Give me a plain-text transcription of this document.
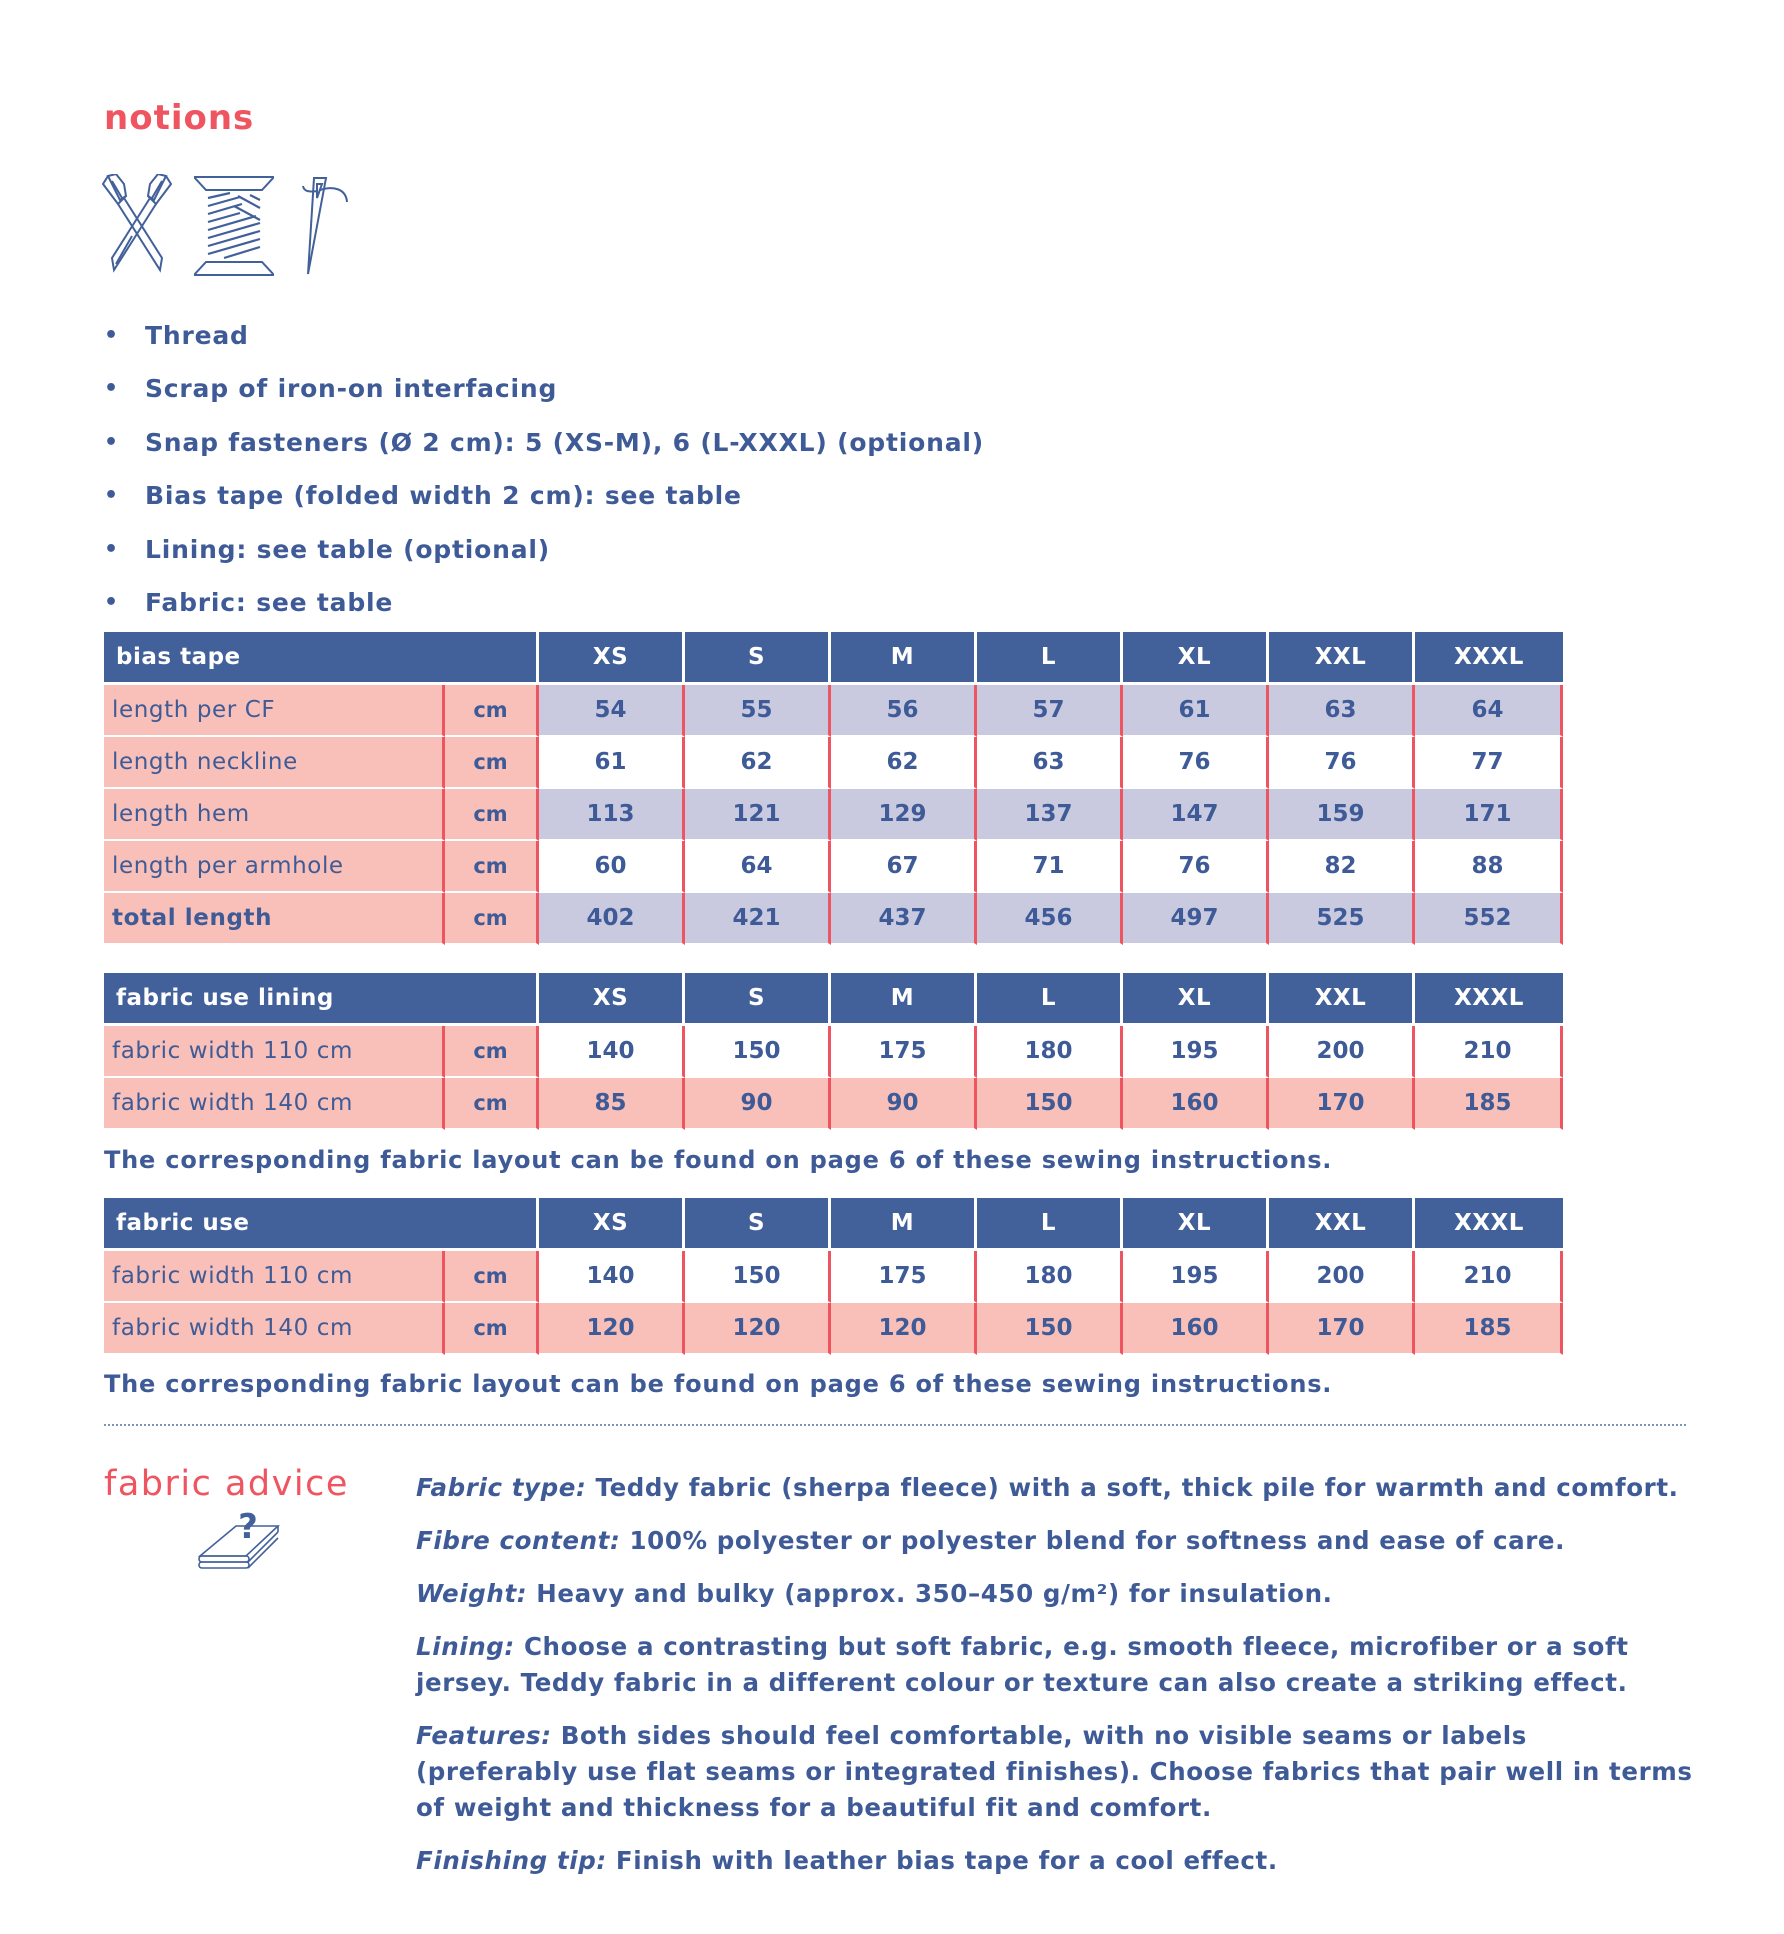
notions
• Thread
• Scrap of iron-on interfacing
• Snap fasteners (Ø 2 cm): 5 (XS-M), 6 (L-XXXL) (optional)
• Bias tape (folded width 2 cm): see table
• Lining: see table (optional)
• Fabric: see table
bias tape		XS	S	M	L	XL	XXL	XXXL
length per CF	cm	54	55	56	57	61	63	64
length neckline	cm	61	62	62	63	76	76	77
length hem	cm	113	121	129	137	147	159	171
length per armhole	cm	60	64	67	71	76	82	88
total length	cm	402	421	437	456	497	525	552
fabric use lining		XS	S	M	L	XL	XXL	XXXL
fabric width 110 cm	cm	140	150	175	180	195	200	210
fabric width 140 cm	cm	85	90	90	150	160	170	185
The corresponding fabric layout can be found on page 6 of these sewing instructions.
fabric use		XS	S	M	L	XL	XXL	XXXL
fabric width 110 cm	cm	140	150	175	180	195	200	210
fabric width 140 cm	cm	120	120	120	150	160	170	185
The corresponding fabric layout can be found on page 6 of these sewing instructions.
fabric advice
?

Fabric type: Teddy fabric (sherpa fleece) with a soft, thick pile for warmth and comfort.

Fibre content: 100% polyester or polyester blend for softness and ease of care.

Weight: Heavy and bulky (approx. 350–450 g/m²) for insulation.

Lining: Choose a contrasting but soft fabric, e.g. smooth fleece, microfiber or a soft jersey. Teddy fabric in a different colour or texture can also create a striking effect.

Features: Both sides should feel comfortable, with no visible seams or labels (preferably use flat seams or integrated finishes). Choose fabrics that pair well in terms of weight and thickness for a beautiful fit and comfort.

Finishing tip: Finish with leather bias tape for a cool effect.
